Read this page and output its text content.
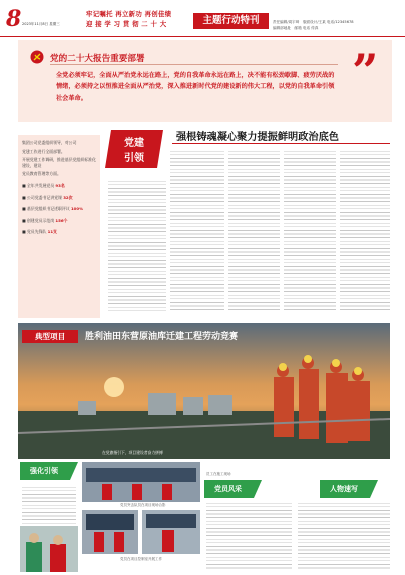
8 2023年11月8日 星期三
牢记嘱托 再立新功 再创佳绩
迎 接 学 习 贯 彻 二 十 大	主题行动特刊	责任编辑/周宇琦　版面设计/王某 电话/12345678
编辑部地址　邮箱 电话 传真
党的二十大报告重要部署
全党必须牢记，全面从严治党永远在路上，党的自我革命永远在路上，决不能有松劲歇脚、疲劳厌战的情绪，必须持之以恒推进全面从严治党，深入推进新时代党的建设新的伟大工程，以党的自我革命引领社会革命。
”
集团公司党委组织领导，对公司
党建工作进行全面部署。
开展党建工作调研，推进基层党组织标准化建设，建设
党员教育管理等方面。
■ 全年共发展党员 93名
■ 公司党委书记讲党课 32次
■ 基层党组织书记述职评议 100%
■ 创建党员示范岗 156个
■ 党员先锋队 11支
党建
引领
强根铸魂凝心聚力提振鲜明政治底色
典型项目	胜利油田东营原油库迁建工程劳动竞赛
在党旗指引下，项目建设者奋力拼搏
强化引领
党员突击队员在项目现场合影
党员在项目控制室开展工作
党员风采	人物速写
员工在施工现场
